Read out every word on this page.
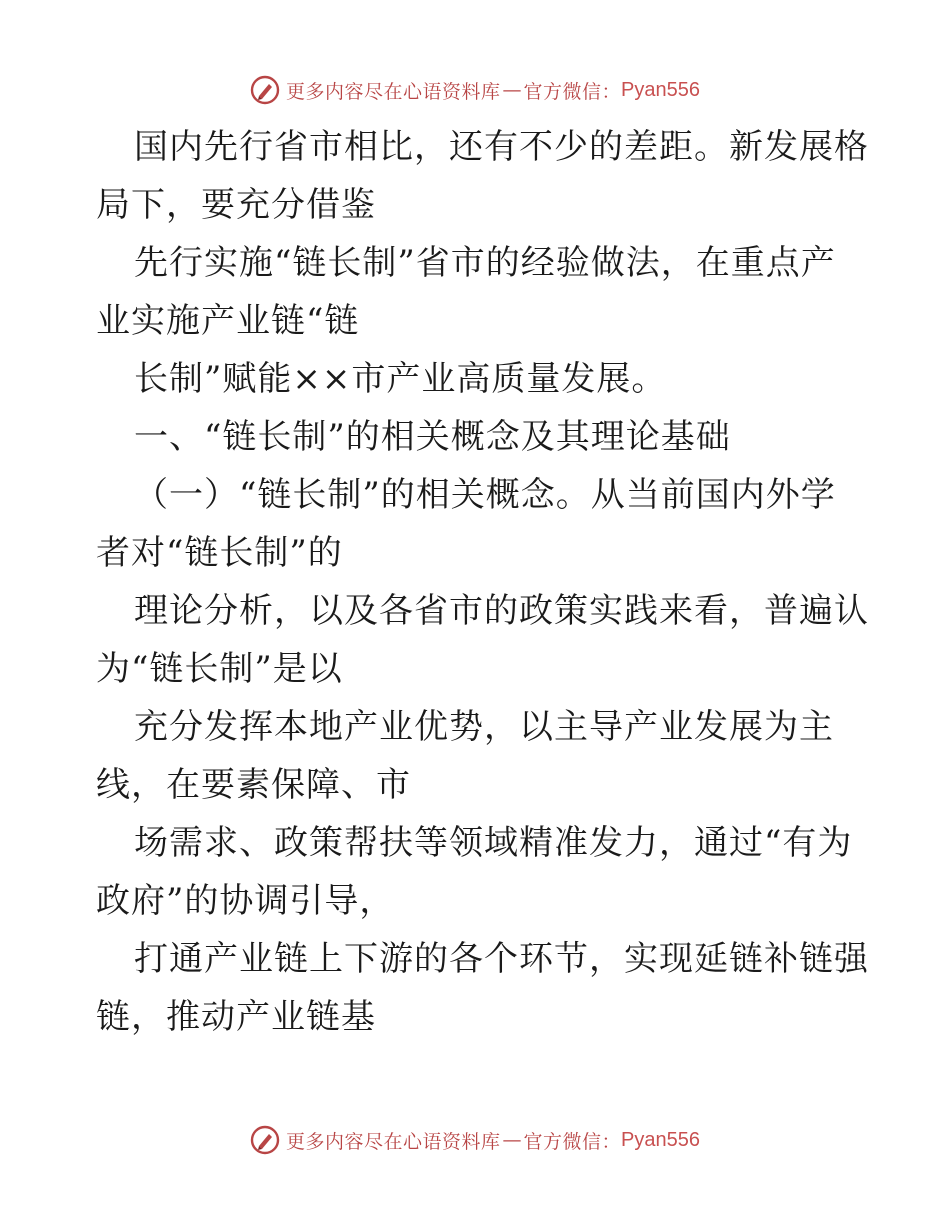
更多内容尽在心语资料库 — 官方微信： Pyan556

国内先行省市相比，还有不少的差距。新发展格

局下，要充分借鉴

先行实施“链长制”省市的经验做法，在重点产

业实施产业链“链

长制”赋能××市产业高质量发展。

一、“链长制”的相关概念及其理论基础

（一）“链长制”的相关概念。从当前国内外学

者对“链长制”的

理论分析，以及各省市的政策实践来看，普遍认

为“链长制”是以

充分发挥本地产业优势，以主导产业发展为主

线，在要素保障、市

场需求、政策帮扶等领域精准发力，通过“有为

政府”的协调引导，

打通产业链上下游的各个环节，实现延链补链强

链，推动产业链基

更多内容尽在心语资料库 — 官方微信： Pyan556
